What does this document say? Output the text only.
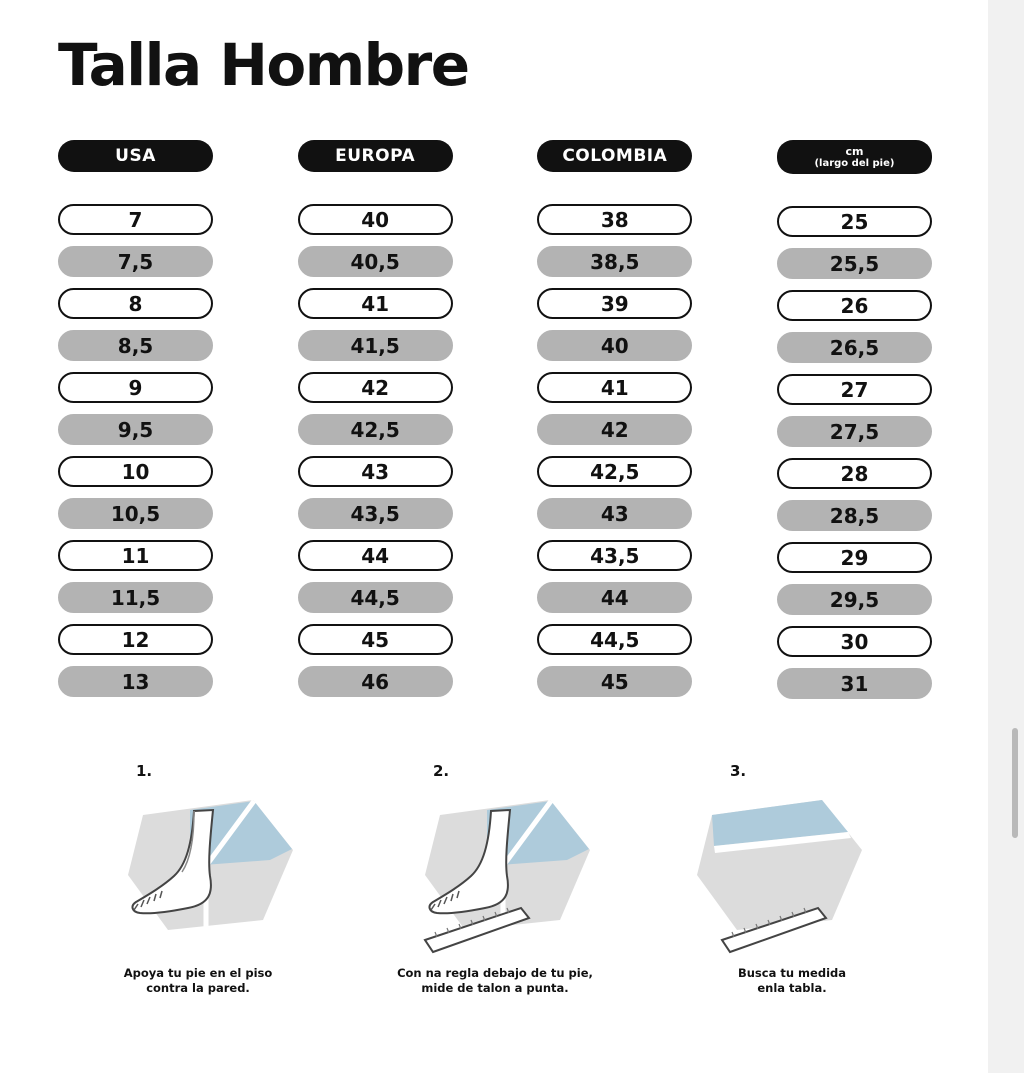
Talla Hombre
USA
7
7,5
8
8,5
9
9,5
10
10,5
11
11,5
12
13
EUROPA
40
40,5
41
41,5
42
42,5
43
43,5
44
44,5
45
46
COLOMBIA
38
38,5
39
40
41
42
42,5
43
43,5
44
44,5
45
cm
(largo del pie)
25
25,5
26
26,5
27
27,5
28
28,5
29
29,5
30
31
1.
Apoya tu pie en el piso
contra la pared.
2.
Con na regla debajo de tu pie,
mide de talon a punta.
3.
Busca tu medida
enla tabla.
